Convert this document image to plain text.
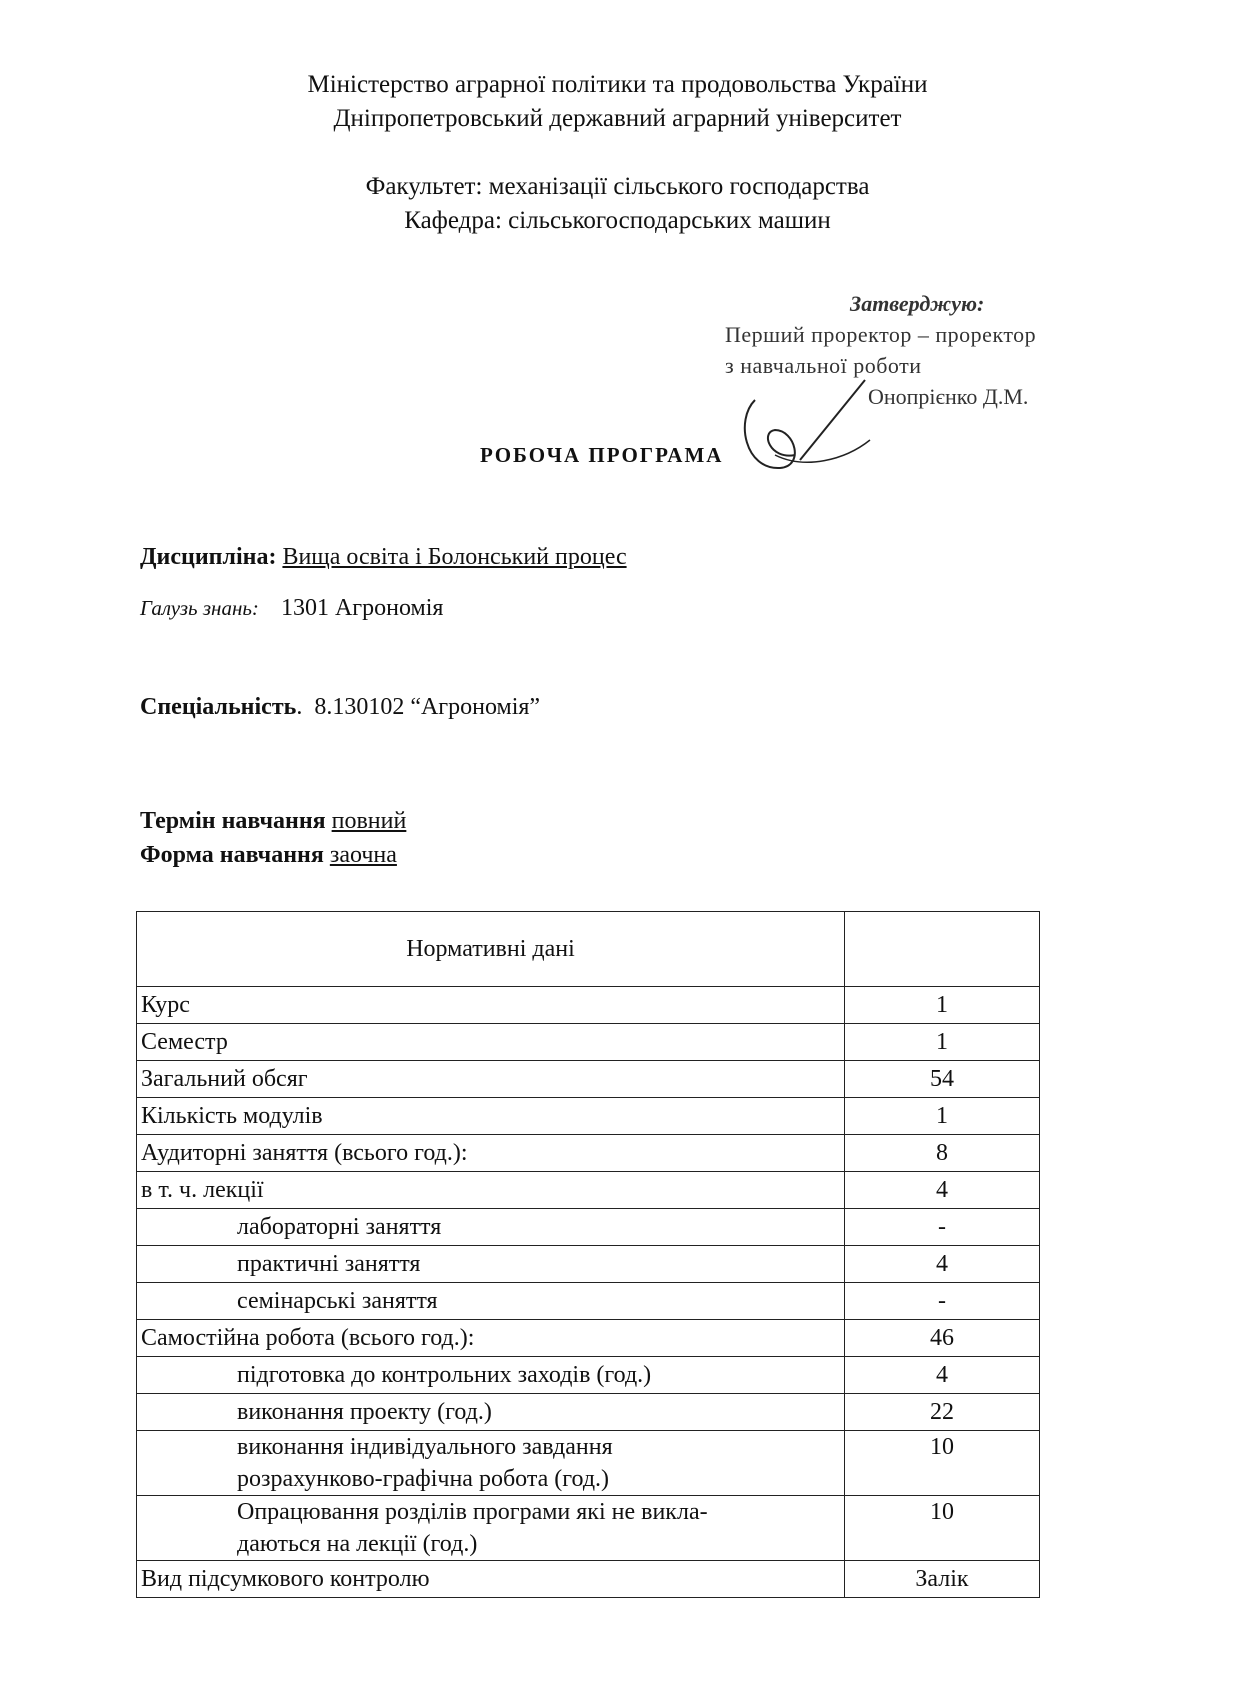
Міністерство аграрної політики та продовольства України
Дніпропетровський державний аграрний університет
Факультет: механізації сільського господарства
Кафедра: сільськогосподарських машин
Затверджую:
Перший проректор – проректор
з навчальної роботи
Онопрієнко Д.М.
РОБОЧА ПРОГРАМА
Дисципліна: Вища освіта і Болонський процес
Галузь знань: 1301 Агрономія
Спеціальність.  8.130102 “Агрономія”
Термін навчання повний
Форма навчання заочна
Нормативні дані	
Курс	1
Семестр	1
Загальний обсяг	54
Кількість модулів	1
Аудиторні заняття (всього год.):	8
в т. ч. лекції	4
лабораторні заняття	-
практичні заняття	4
семінарські заняття	-
Самостійна робота (всього год.):	46
підготовка до контрольних заходів (год.)	4
виконання проекту (год.)	22

виконання індивідуального завдання
розрахунково-графічна робота (год.)	10

Опрацювання розділів програми які не викла-
даються на лекції (год.)	10
Вид підсумкового контролю	Залік
